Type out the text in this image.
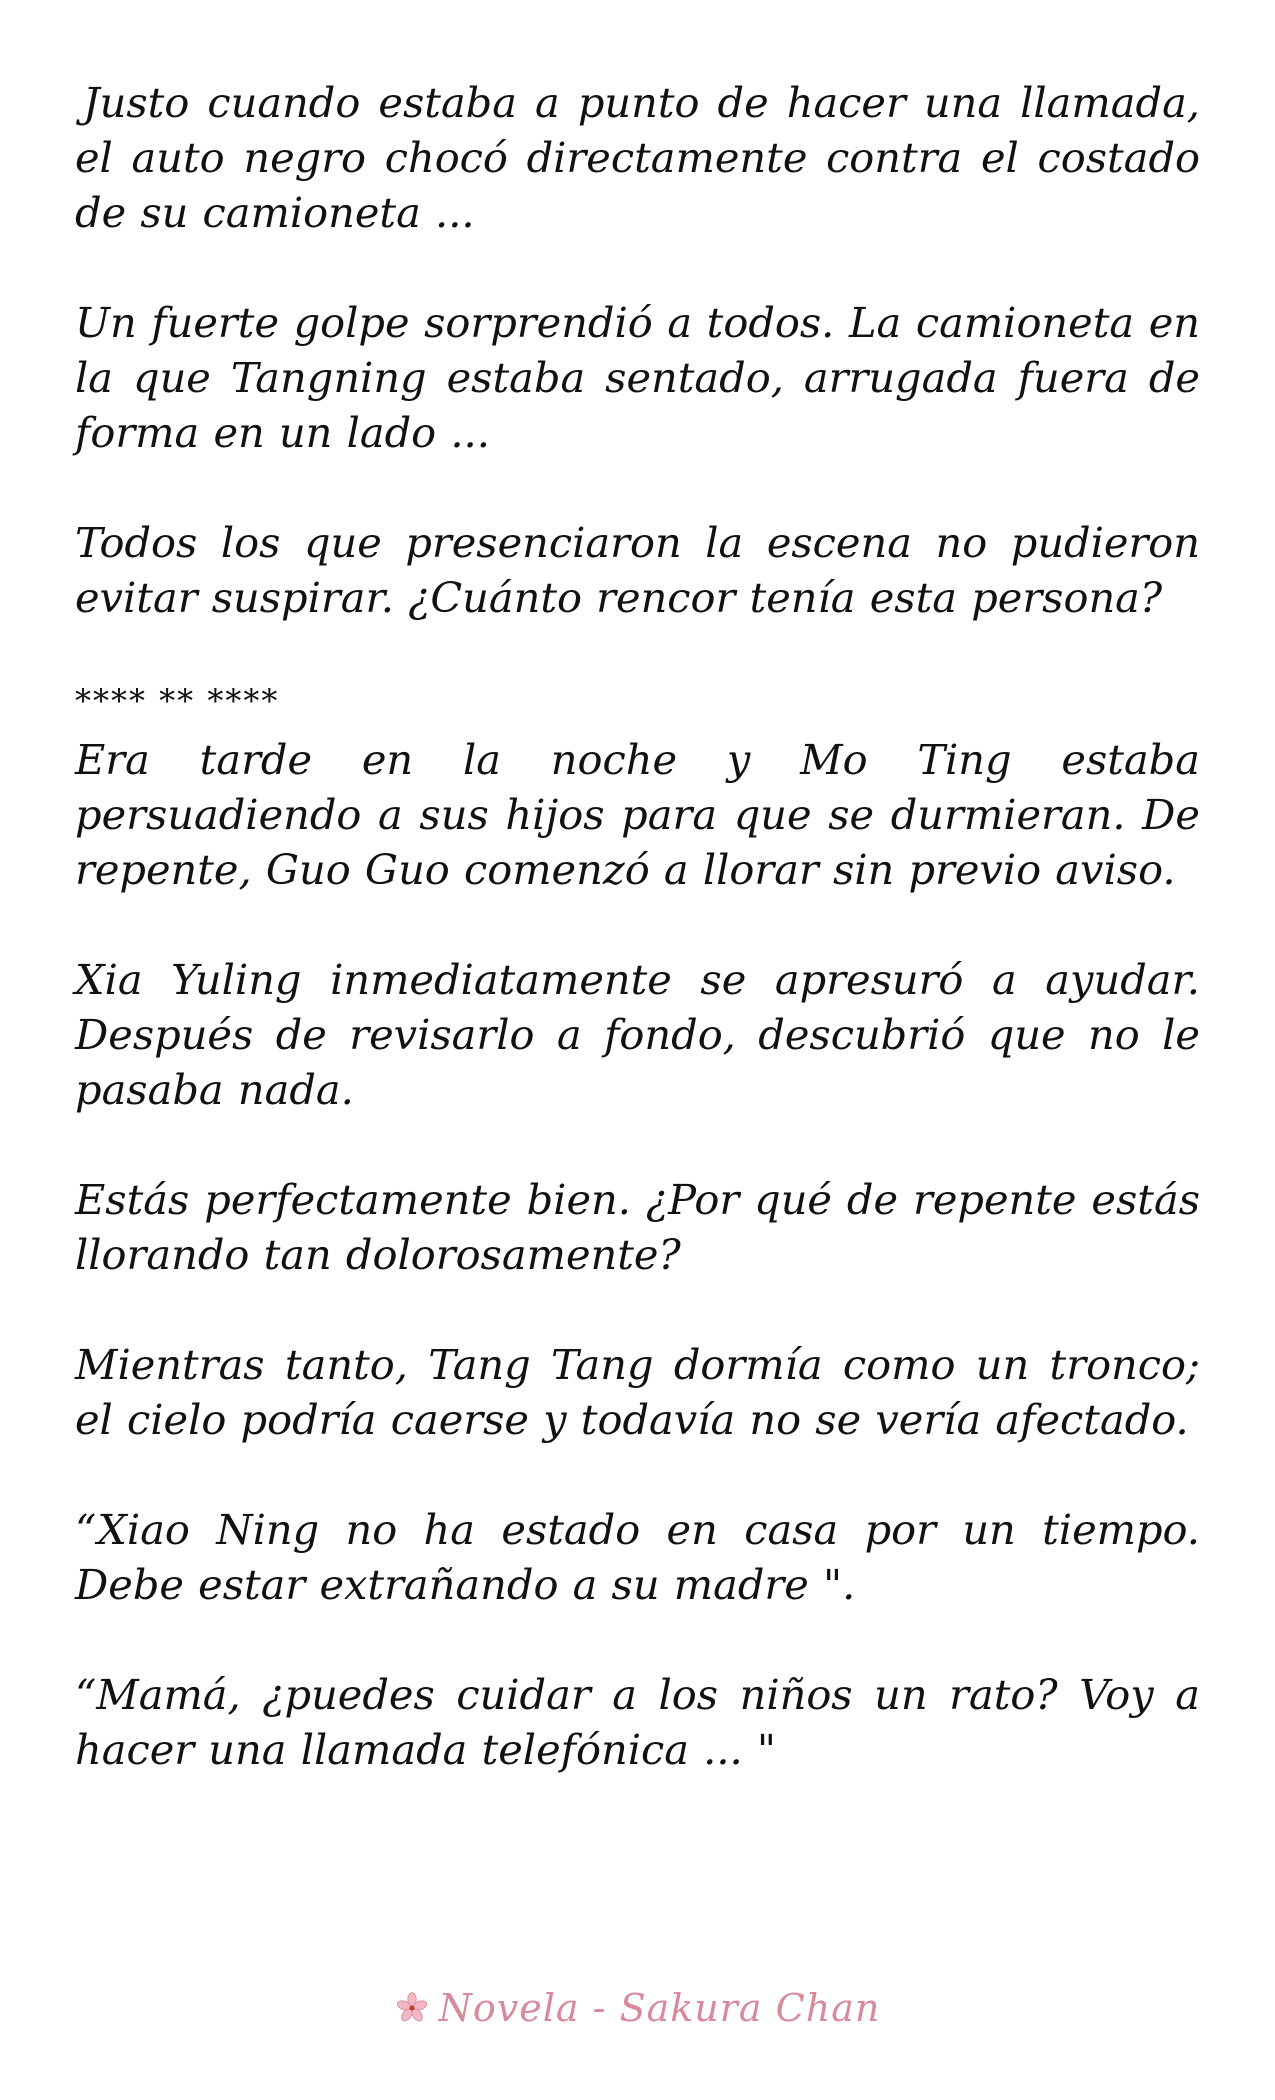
Justo cuando estaba a punto de hacer una llamada, el auto negro chocó directamente contra el costado de su camioneta ...

Un fuerte golpe sorprendió a todos. La camioneta en la que Tangning estaba sentado, arrugada fuera de forma en un lado ...

Todos los que presenciaron la escena no pudieron evitar suspirar. ¿Cuánto rencor tenía esta persona?

**** ** ****

Era tarde en la noche y Mo Ting estaba persuadiendo a sus hijos para que se durmieran. De repente, Guo Guo comenzó a llorar sin previo aviso.

Xia Yuling inmediatamente se apresuró a ayudar. Después de revisarlo a fondo, descubrió que no le pasaba nada.

Estás perfectamente bien. ¿Por qué de repente estás llorando tan dolorosamente?

Mientras tanto, Tang Tang dormía como un tronco; el cielo podría caerse y todavía no se vería afectado.

“Xiao Ning no ha estado en casa por un tiempo. Debe estar extrañando a su madre ".

“Mamá, ¿puedes cuidar a los niños un rato? Voy a hacer una llamada telefónica ... "

Novela - Sakura Chan
